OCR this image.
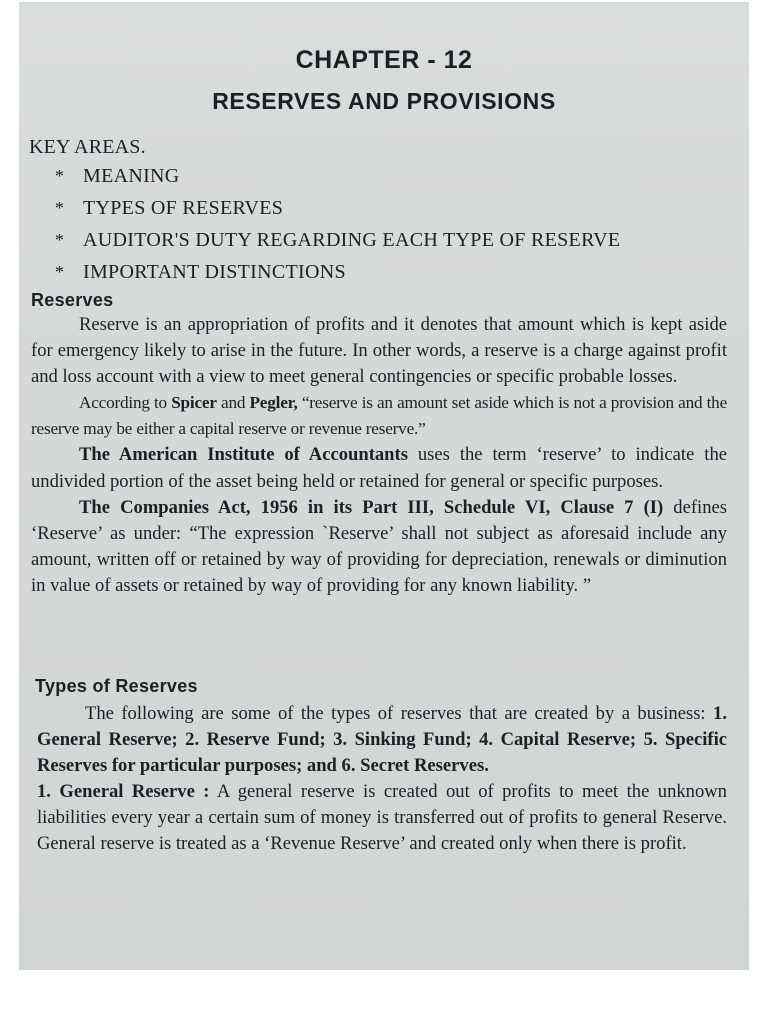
CHAPTER - 12
RESERVES AND PROVISIONS
KEY AREAS.
* MEANING
* TYPES OF RESERVES
* AUDITOR'S DUTY REGARDING EACH TYPE OF RESERVE
* IMPORTANT DISTINCTIONS
Reserves

Reserve is an appropriation of profits and it denotes that amount which is kept aside for emergency likely to arise in the future. In other words, a reserve is a charge against profit and loss account with a view to meet general contingencies or specific probable losses.

According to Spicer and Pegler, “reserve is an amount set aside which is not a provision and the reserve may be either a capital reserve or revenue reserve.”

The American Institute of Accountants uses the term ‘reserve’ to indicate the undivided portion of the asset being held or retained for general or specific purposes.

The Companies Act, 1956 in its Part III, Schedule VI, Clause 7 (I) defines ‘Reserve’ as under: “The expression `Reserve’ shall not subject as aforesaid include any amount, written off or retained by way of providing for depreciation, renewals or diminution in value of assets or retained by way of providing for any known liability. ”

Types of Reserves

The following are some of the types of reserves that are created by a business: 1. General Reserve; 2. Reserve Fund; 3. Sinking Fund; 4. Capital Reserve; 5. Specific Reserves for particular purposes; and 6. Secret Reserves.

1. General Reserve : A general reserve is created out of profits to meet the unknown liabilities every year a certain sum of money is transferred out of profits to general Reserve. General reserve is treated as a ‘Revenue Reserve’ and created only when there is profit.
